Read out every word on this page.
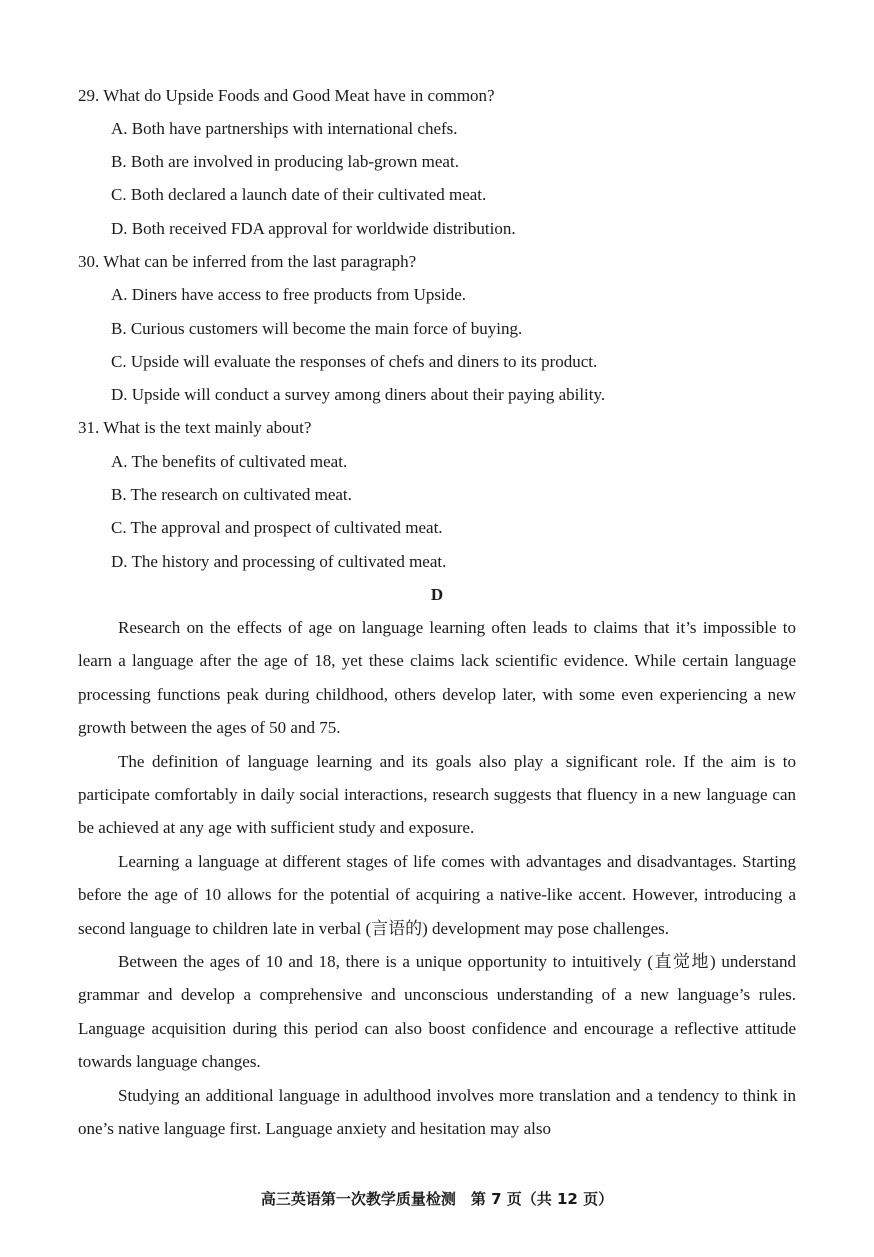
29. What do Upside Foods and Good Meat have in common?
A. Both have partnerships with international chefs.
B. Both are involved in producing lab-grown meat.
C. Both declared a launch date of their cultivated meat.
D. Both received FDA approval for worldwide distribution.
30. What can be inferred from the last paragraph?
A. Diners have access to free products from Upside.
B. Curious customers will become the main force of buying.
C. Upside will evaluate the responses of chefs and diners to its product.
D. Upside will conduct a survey among diners about their paying ability.
31. What is the text mainly about?
A. The benefits of cultivated meat.
B. The research on cultivated meat.
C. The approval and prospect of cultivated meat.
D. The history and processing of cultivated meat.
D

Research on the effects of age on language learning often leads to claims that it’s impossible to learn a language after the age of 18, yet these claims lack scientific evidence. While certain language processing functions peak during childhood, others develop later, with some even experiencing a new growth between the ages of 50 and 75.

The definition of language learning and its goals also play a significant role. If the aim is to participate comfortably in daily social interactions, research suggests that fluency in a new language can be achieved at any age with sufficient study and exposure.

Learning a language at different stages of life comes with advantages and disadvantages. Starting before the age of 10 allows for the potential of acquiring a native-like accent. However, introducing a second language to children late in verbal (言语的) development may pose challenges.

Between the ages of 10 and 18, there is a unique opportunity to intuitively (直觉地) understand grammar and develop a comprehensive and unconscious understanding of a new language’s rules. Language acquisition during this period can also boost confidence and encourage a reflective attitude towards language changes.

Studying an additional language in adulthood involves more translation and a tendency to think in one’s native language first. Language anxiety and hesitation may also

高三英语第一次教学质量检测　第 7 页（共 12 页）
